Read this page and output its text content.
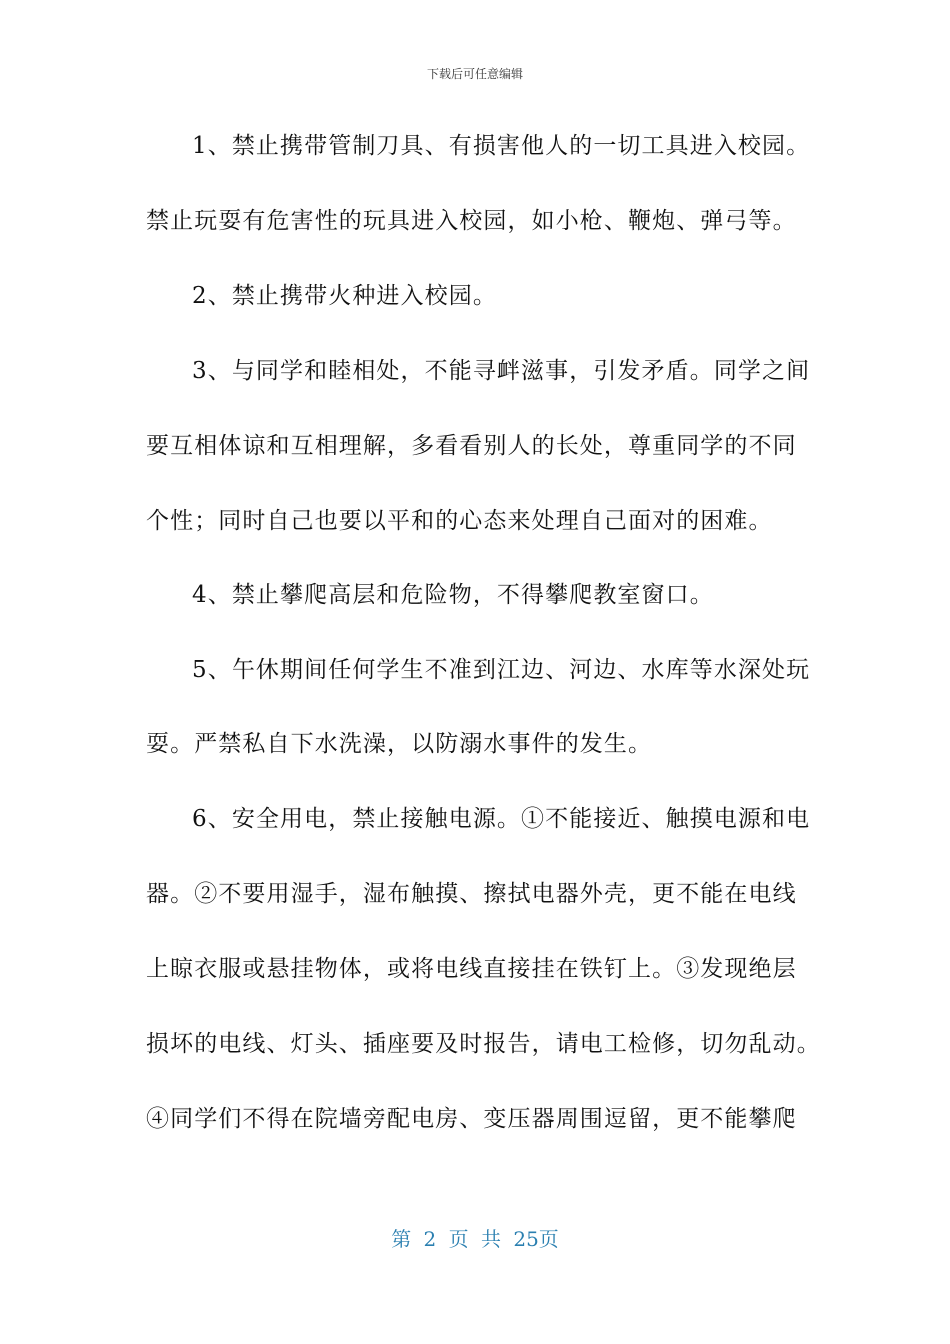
下载后可任意编辑
1、禁止携带管制刀具、有损害他人的一切工具进入校园。
禁止玩耍有危害性的玩具进入校园，如小枪、鞭炮、弹弓等。
2、禁止携带火种进入校园。
3、与同学和睦相处，不能寻衅滋事，引发矛盾。同学之间
要互相体谅和互相理解，多看看别人的长处，尊重同学的不同
个性；同时自己也要以平和的心态来处理自己面对的困难。
4、禁止攀爬高层和危险物，不得攀爬教室窗口。
5、午休期间任何学生不准到江边、河边、水库等水深处玩
耍。严禁私自下水洗澡，以防溺水事件的发生。
6、安全用电，禁止接触电源。①不能接近、触摸电源和电
器。②不要用湿手，湿布触摸、擦拭电器外壳，更不能在电线
上晾衣服或悬挂物体，或将电线直接挂在铁钉上。③发现绝层
损坏的电线、灯头、插座要及时报告，请电工检修，切勿乱动。
④同学们不得在院墙旁配电房、变压器周围逗留，更不能攀爬
第 2 页 共 25页
